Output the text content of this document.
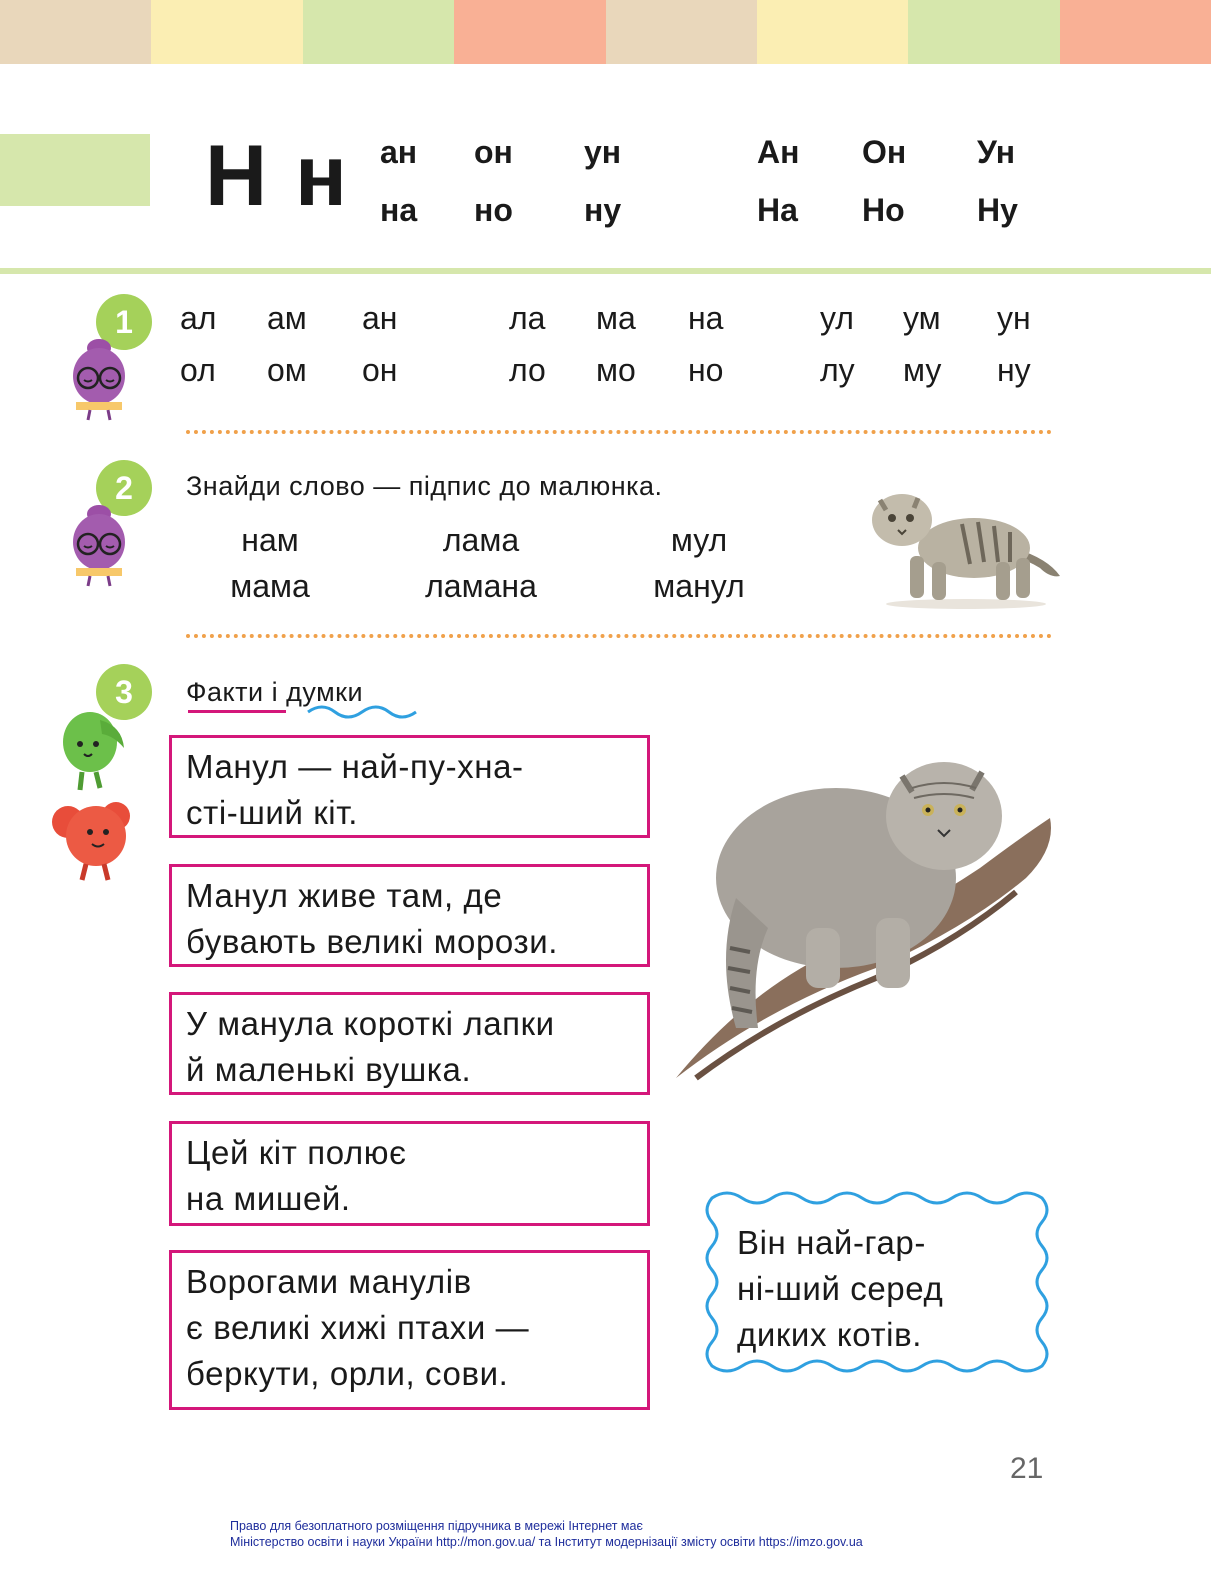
Н н ан он ун	Ан Он Ун
на но ну	На Но Ну
1	ал ам ан	ла ма на	ул ум ун
ол ом он	ло мо но	лу му ну
2	Знайди слово — підпис до малюнка.
нам	лама	мул
мама	ламана	манул
3	Факти і думки
Манул — най-пу-хна-
сті-ший кіт.
Манул живе там, де
бувають великі морози.
У манула короткі лапки
й маленькі вушка.
Цей кіт полює
на мишей.
Ворогами манулів
є великі хижі птахи —
беркути, орли, сови.
Він най-гар-
ні-ший серед
диких котів.
21
Право для безоплатного розміщення підручника в мережі Інтернет має
Міністерство освіти і науки України http://mon.gov.ua/ та Інститут модернізації змісту освіти https://imzo.gov.ua
